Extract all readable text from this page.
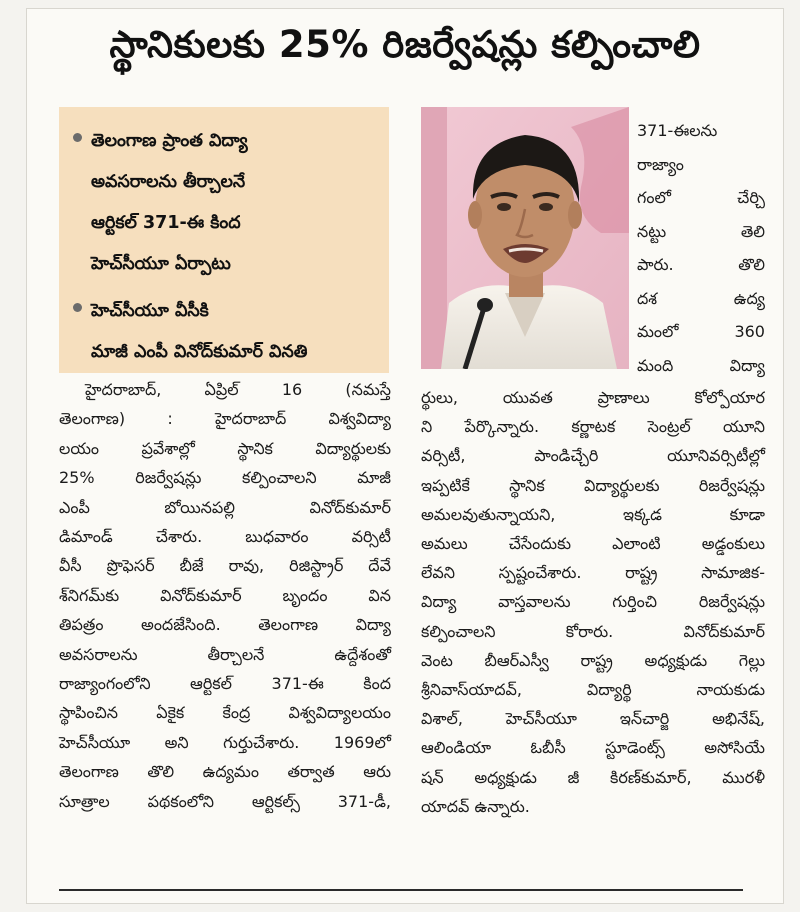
స్థానికులకు 25% రిజర్వేషన్లు కల్పించాలి
తెలంగాణ ప్రాంత విద్యా
అవసరాలను తీర్చాలనే
ఆర్టికల్ 371-ఈ కింద
హెచ్‌సీయూ ఏర్పాటు
హెచ్‌సీయూ వీసీకి
మాజీ ఎంపీ వినోద్‌కుమార్ వినతి
371-ఈలను
రాజ్యాం
గంలో చేర్చి
నట్టు తెలి
పారు. తొలి
దశ ఉద్య
మంలో 360
మంది విద్యా
హైదరాబాద్, ఏప్రిల్ 16 (నమస్తే
తెలంగాణ) : హైదరాబాద్ విశ్వవిద్యా
లయం ప్రవేశాల్లో స్థానిక విద్యార్థులకు
25% రిజర్వేషన్లు కల్పించాలని మాజీ
ఎంపీ బోయినపల్లి వినోద్‌కుమార్
డిమాండ్ చేశారు. బుధవారం వర్సిటీ
వీసీ ప్రొఫెసర్ బీజే రావు, రిజిస్ట్రార్ దేవే
శ్‌నిగమ్‌కు వినోద్‌కుమార్ బృందం విన
తిపత్రం అందజేసింది. తెలంగాణ విద్యా
అవసరాలను తీర్చాలనే ఉద్దేశంతో
రాజ్యాంగంలోని ఆర్టికల్ 371-ఈ కింద
స్థాపించిన ఏకైక కేంద్ర విశ్వవిద్యాలయం
హెచ్‌సీయూ అని గుర్తుచేశారు. 1969లో
తెలంగాణ తొలి ఉద్యమం తర్వాత ఆరు
సూత్రాల పథకంలోని ఆర్టికల్స్ 371-డీ,
ర్థులు, యువత ప్రాణాలు కోల్పోయార
ని పేర్కొన్నారు. కర్ణాటక సెంట్రల్ యూని
వర్సిటీ, పాండిచ్చేరి యూనివర్సిటీల్లో
ఇప్పటికే స్థానిక విద్యార్థులకు రిజర్వేషన్లు
అమలవుతున్నాయని, ఇక్కడ కూడా
అమలు చేసేందుకు ఎలాంటి అడ్డంకులు
లేవని స్పష్టంచేశారు. రాష్ట్ర సామాజిక-
విద్యా వాస్తవాలను గుర్తించి రిజర్వేషన్లు
కల్పించాలని కోరారు. వినోద్‌కుమార్
వెంట బీఆర్‌ఎస్వీ రాష్ట్ర అధ్యక్షుడు గెల్లు
శ్రీనివాస్‌యాదవ్, విద్యార్థి నాయకుడు
విశాల్, హెచ్‌సీయూ ఇన్‌చార్జి అభినేష్,
ఆలిండియా ఓబీసీ స్టూడెంట్స్ అసోసియే
షన్ అధ్యక్షుడు జీ కిరణ్‌కుమార్, మురళీ
యాదవ్ ఉన్నారు.
